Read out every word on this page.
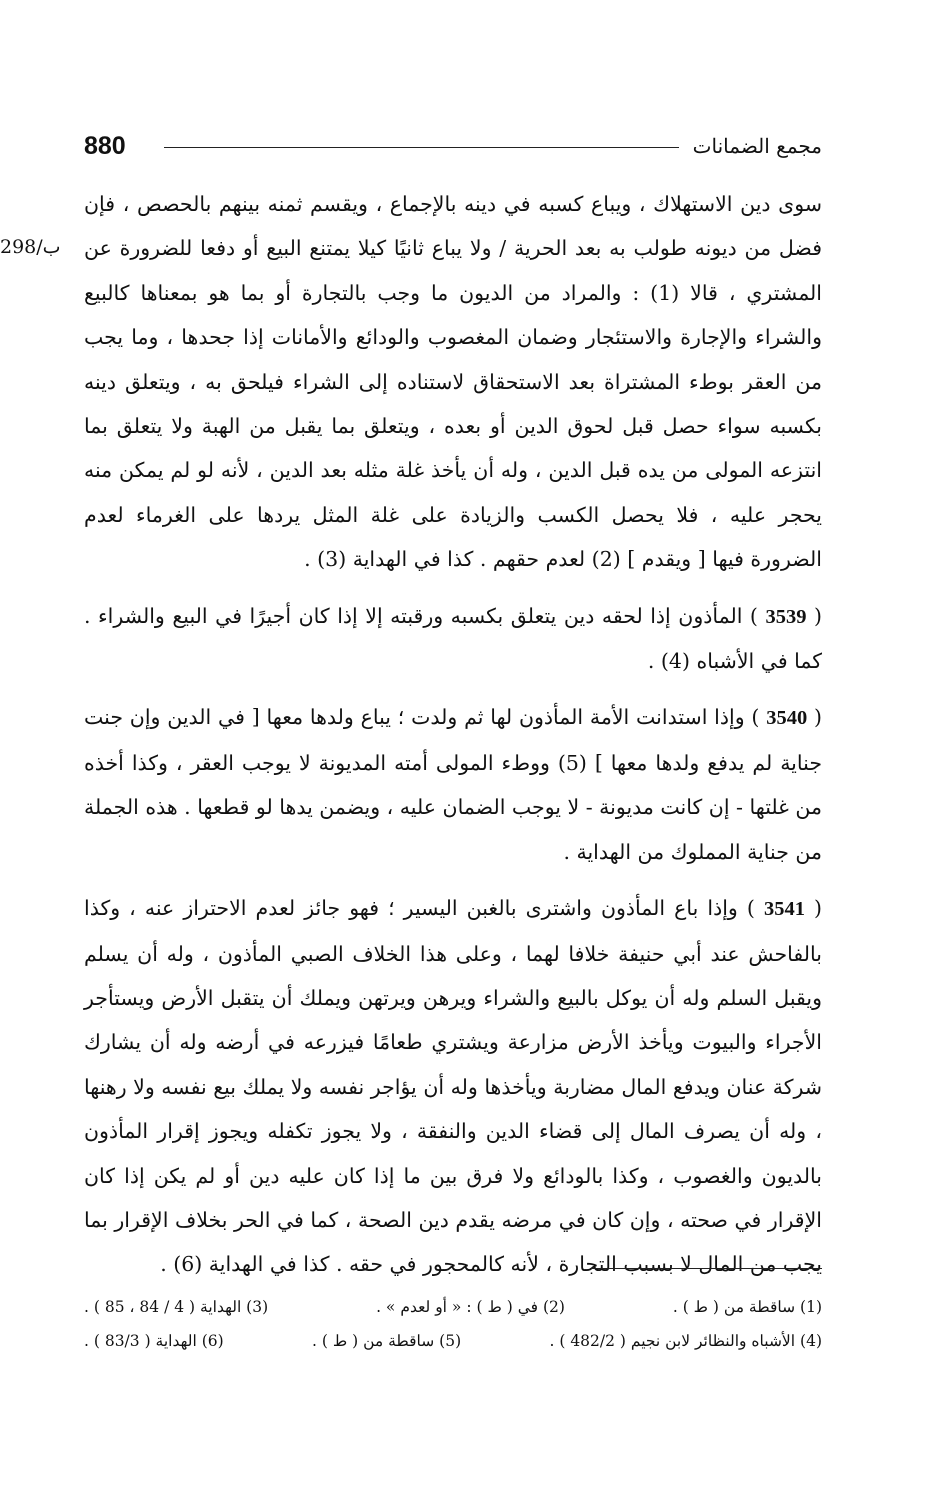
880	مجمع الضمانات
298/ب

سوى دين الاستهلاك ، ويباع كسبه في دينه بالإجماع ، ويقسم ثمنه بينهم بالحصص ، فإن فضل من ديونه طولب به بعد الحرية / ولا يباع ثانيًا كيلا يمتنع البيع أو دفعا للضرورة عن المشتري ، قالا (1) : والمراد من الديون ما وجب بالتجارة أو بما هو بمعناها كالبيع والشراء والإجارة والاستئجار وضمان المغصوب والودائع والأمانات إذا جحدها ، وما يجب من العقر بوطء المشتراة بعد الاستحقاق لاستناده إلى الشراء فيلحق به ، ويتعلق دينه بكسبه سواء حصل قبل لحوق الدين أو بعده ، ويتعلق بما يقبل من الهبة ولا يتعلق بما انتزعه المولى من يده قبل الدين ، وله أن يأخذ غلة مثله بعد الدين ، لأنه لو لم يمكن منه يحجر عليه ، فلا يحصل الكسب والزيادة على غلة المثل يردها على الغرماء لعدم الضرورة فيها [ ويقدم ] (2) لعدم حقهم . كذا في الهداية (3) .

( 3539 ) المأذون إذا لحقه دين يتعلق بكسبه ورقبته إلا إذا كان أجيرًا في البيع والشراء . كما في الأشباه (4) .

( 3540 ) وإذا استدانت الأمة المأذون لها ثم ولدت ؛ يباع ولدها معها [ في الدين وإن جنت جناية لم يدفع ولدها معها ] (5) ووطء المولى أمته المديونة لا يوجب العقر ، وكذا أخذه من غلتها - إن كانت مديونة - لا يوجب الضمان عليه ، ويضمن يدها لو قطعها . هذه الجملة من جناية المملوك من الهداية .

( 3541 ) وإذا باع المأذون واشترى بالغبن اليسير ؛ فهو جائز لعدم الاحتراز عنه ، وكذا بالفاحش عند أبي حنيفة خلافا لهما ، وعلى هذا الخلاف الصبي المأذون ، وله أن يسلم ويقبل السلم وله أن يوكل بالبيع والشراء ويرهن ويرتهن ويملك أن يتقبل الأرض ويستأجر الأجراء والبيوت ويأخذ الأرض مزارعة ويشتري طعامًا فيزرعه في أرضه وله أن يشارك شركة عنان ويدفع المال مضاربة ويأخذها وله أن يؤاجر نفسه ولا يملك بيع نفسه ولا رهنها ، وله أن يصرف المال إلى قضاء الدين والنفقة ، ولا يجوز تكفله ويجوز إقرار المأذون بالديون والغصوب ، وكذا بالودائع ولا فرق بين ما إذا كان عليه دين أو لم يكن إذا كان الإقرار في صحته ، وإن كان في مرضه يقدم دين الصحة ، كما في الحر بخلاف الإقرار بما يجب من المال لا بسبب التجارة ، لأنه كالمحجور في حقه . كذا في الهداية (6) .

(1) ساقطة من ( ط ) .
(2) في ( ط ) : « أو لعدم » .
(3) الهداية ( 4 / 84 ، 85 ) .
(4) الأشباه والنظائر لابن نجيم ( 482/2 ) .
(5) ساقطة من ( ط ) .
(6) الهداية ( 83/3 ) .
